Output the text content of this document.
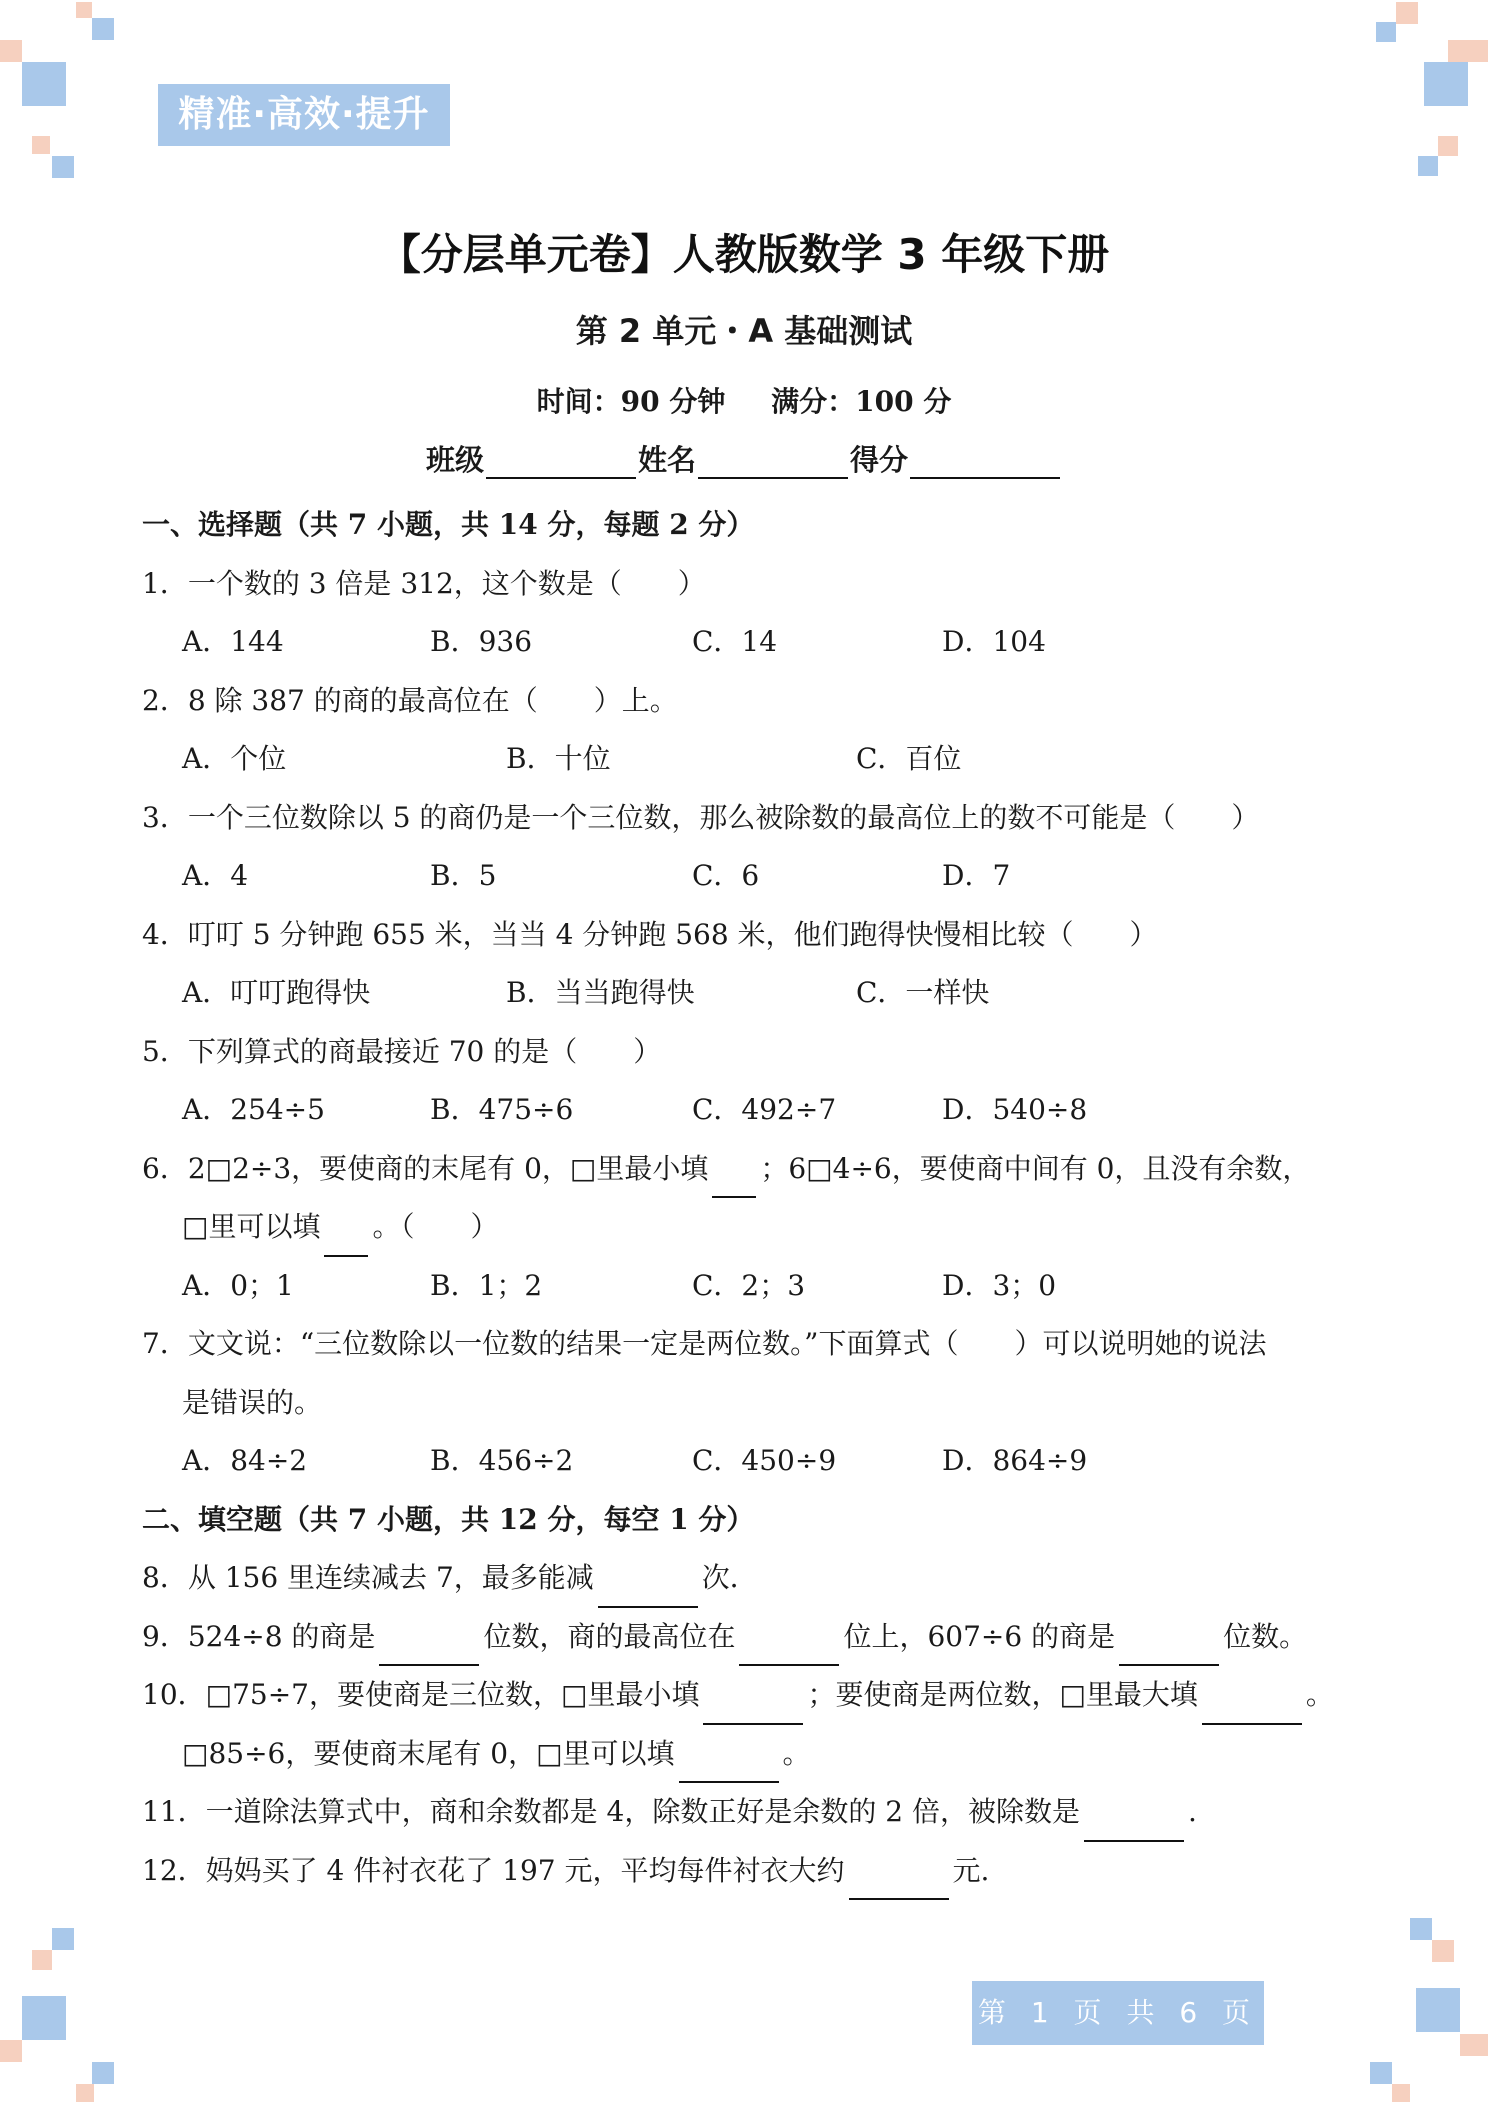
精准·高效·提升
【分层单元卷】人教版数学 3 年级下册
第 2 单元・A 基础测试
时间：90 分钟 满分：100 分
班级	姓名	得分
一、选择题（共 7 小题，共 14 分，每题 2 分）
1．一个数的 3 倍是 312，这个数是（　　）
A．144	B．936	C．14	D．104
2．8 除 387 的商的最高位在（　　）上。
A．个位	B．十位	C．百位
3．一个三位数除以 5 的商仍是一个三位数，那么被除数的最高位上的数不可能是（　　）
A．4	B．5	C．6	D．7
4．叮叮 5 分钟跑 655 米，当当 4 分钟跑 568 米，他们跑得快慢相比较（　　）
A．叮叮跑得快	B．当当跑得快	C．一样快
5．下列算式的商最接近 70 的是（　　）
A．254÷5	B．475÷6	C．492÷7	D．540÷8
6．2□2÷3，要使商的末尾有 0，□里最小填 ；6□4÷6，要使商中间有 0，且没有余数，
□里可以填 。（　　）
A．0；1	B．1；2	C．2；3	D．3；0
7．文文说：“三位数除以一位数的结果一定是两位数。”下面算式（　　）可以说明她的说法
是错误的。
A．84÷2	B．456÷2	C．450÷9	D．864÷9
二、填空题（共 7 小题，共 12 分，每空 1 分）
8．从 156 里连续减去 7，最多能减	次．
9．524÷8 的商是	位数，商的最高位在	位上，607÷6 的商是	位数。
10．□75÷7，要使商是三位数，□里最小填	；要使商是两位数，□里最大填	。
□85÷6，要使商末尾有 0，□里可以填	。
11．一道除法算式中，商和余数都是 4，除数正好是余数的 2 倍，被除数是	.
12．妈妈买了 4 件衬衣花了 197 元，平均每件衬衣大约	元.
第 1 页 共 6 页
